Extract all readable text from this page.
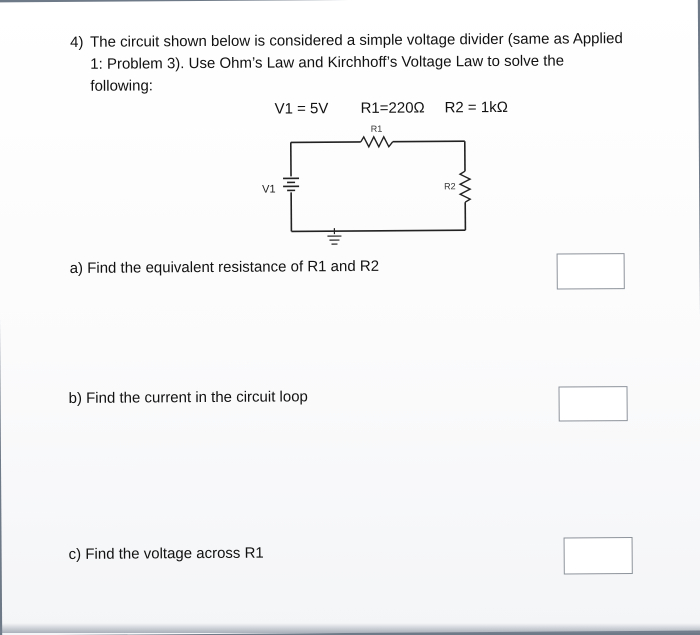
4) The circuit shown below is considered a simple voltage divider (same as Applied 1: Problem 3). Use Ohm’s Law and Kirchhoff’s Voltage Law to solve the following:
V1 = 5V R1=220Ω R2 = 1kΩ
R1
R2
V1
a) Find the equivalent resistance of R1 and R2
b) Find the current in the circuit loop
c) Find the voltage across R1
